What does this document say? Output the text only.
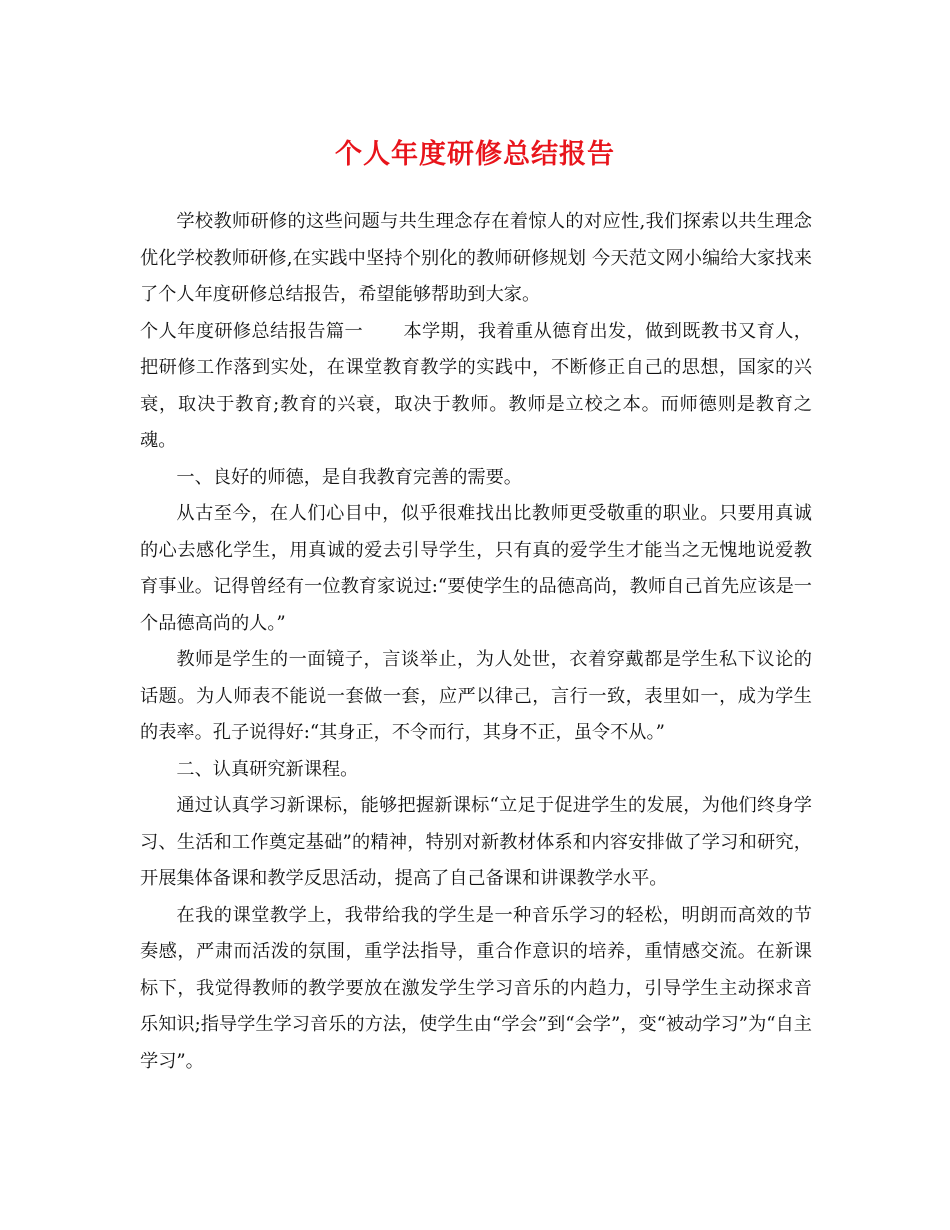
个人年度研修总结报告

学校教师研修的这些问题与共生理念存在着惊人的对应性,我们探索以共生理念优化学校教师研修,在实践中坚持个别化的教师研修规划 今天范文网小编给大家找来了个人年度研修总结报告，希望能够帮助到大家。

个人年度研修总结报告篇一 本学期，我着重从德育出发，做到既教书又育人，把研修工作落到实处，在课堂教育教学的实践中，不断修正自己的思想，国家的兴衰，取决于教育;教育的兴衰，取决于教师。教师是立校之本。而师德则是教育之魂。

一、良好的师德，是自我教育完善的需要。

从古至今，在人们心目中，似乎很难找出比教师更受敬重的职业。只要用真诚的心去感化学生，用真诚的爱去引导学生，只有真的爱学生才能当之无愧地说爱教育事业。记得曾经有一位教育家说过:“要使学生的品德高尚，教师自己首先应该是一个品德高尚的人。”

教师是学生的一面镜子，言谈举止，为人处世，衣着穿戴都是学生私下议论的话题。为人师表不能说一套做一套，应严以律己，言行一致，表里如一，成为学生的表率。孔子说得好:“其身正，不令而行，其身不正，虽令不从。”

二、认真研究新课程。

通过认真学习新课标，能够把握新课标“立足于促进学生的发展，为他们终身学习、生活和工作奠定基础”的精神，特别对新教材体系和内容安排做了学习和研究，开展集体备课和教学反思活动，提高了自己备课和讲课教学水平。

在我的课堂教学上，我带给我的学生是一种音乐学习的轻松，明朗而高效的节奏感，严肃而活泼的氛围，重学法指导，重合作意识的培养，重情感交流。在新课标下，我觉得教师的教学要放在激发学生学习音乐的内趋力，引导学生主动探求音乐知识;指导学生学习音乐的方法，使学生由“学会”到“会学”，变“被动学习”为“自主学习”。
